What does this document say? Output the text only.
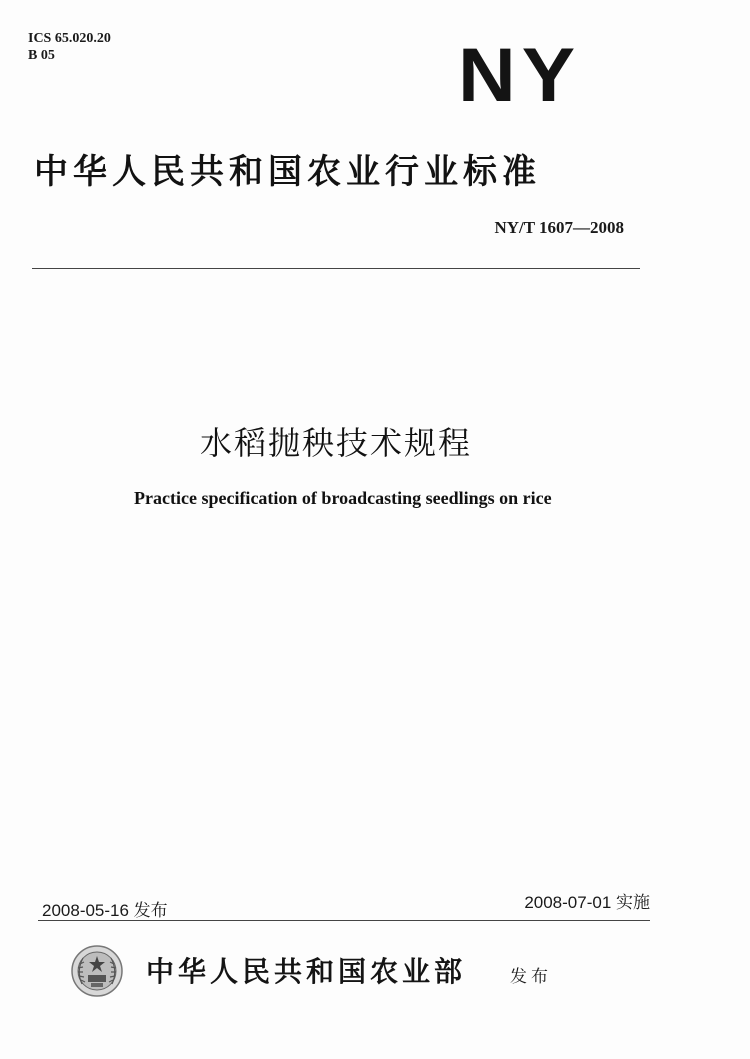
ICS 65.020.20
B 05	NY
中华人民共和国农业行业标准
NY/T 1607—2008
水稻抛秧技术规程
Practice specification of broadcasting seedlings on rice
2008-05-16 发布	2008-07-01 实施
中华人民共和国农业部	发布
